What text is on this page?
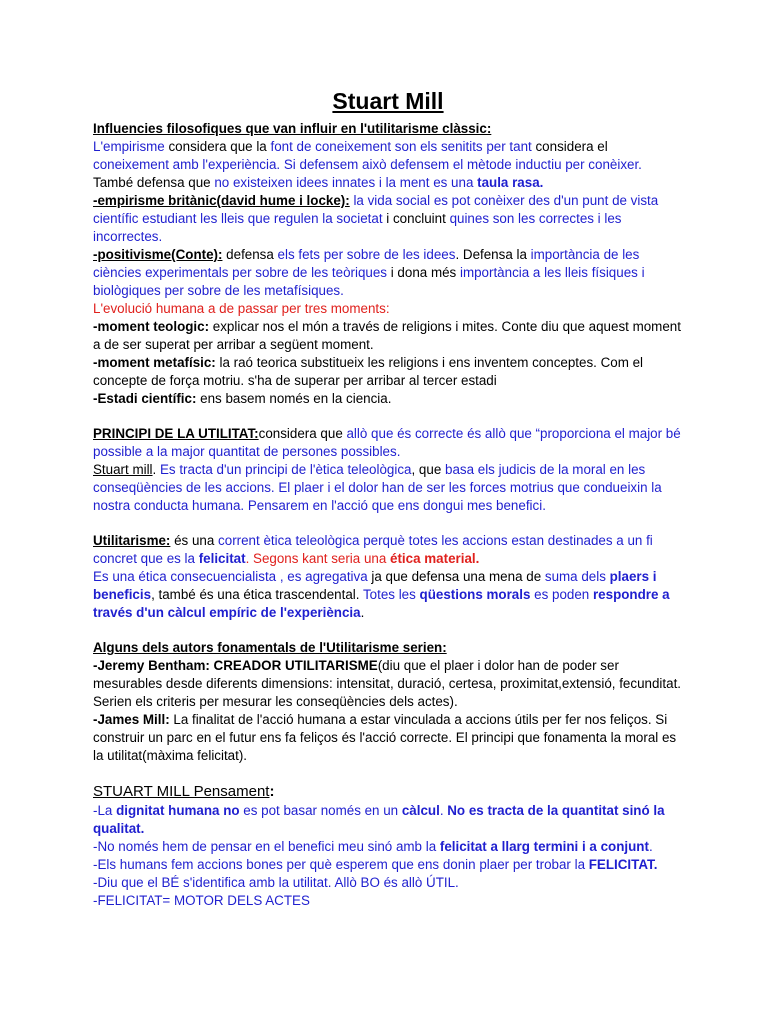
Stuart Mill

Influencies filosofiques que van influir en l'utilitarisme clàssic:
L'empirisme considera que la font de coneixement son els senitits per tant considera el coneixement amb l'experiència. Si defensem això defensem el mètode inductiu per conèixer.
També defensa que no existeixen idees innates i la ment es una taula rasa.
-empirisme britànic(david hume i locke): la vida social es pot conèixer des d'un punt de vista científic estudiant les lleis que regulen la societat i concluint quines son les correctes i les incorrectes.
-positivisme(Conte): defensa els fets per sobre de les idees. Defensa la importància de les ciències experimentals per sobre de les teòriques i dona més importància a les lleis físiques i biològiques per sobre de les metafísiques.
L'evolució humana a de passar per tres moments:
-moment teologic: explicar nos el món a través de religions i mites. Conte diu que aquest moment a de ser superat per arribar a següent moment.
-moment metafísic: la raó teorica substitueix les religions i ens inventem conceptes. Com el concepte de força motriu. s'ha de superar per arribar al tercer estadi
-Estadi científic: ens basem només en la ciencia.

PRINCIPI DE LA UTILITAT:considera que allò que és correcte és allò que “proporciona el major bé possible a la major quantitat de persones possibles.
Stuart mill. Es tracta d'un principi de l'ètica teleològica, que basa els judicis de la moral en les conseqüències de les accions. El plaer i el dolor han de ser les forces motrius que condueixin la nostra conducta humana. Pensarem en l'acció que ens dongui mes benefici.

Utilitarisme: és una corrent ètica teleològica perquè totes les accions estan destinades a un fi concret que es la felicitat. Segons kant seria una ética material.
Es una ética consecuencialista , es agregativa ja que defensa una mena de suma dels plaers i beneficis, també és una ética trascendental. Totes les qüestions morals es poden respondre a través d'un càlcul empíric de l'experiència.

Alguns dels autors fonamentals de l'Utilitarisme serien:
-Jeremy Bentham: CREADOR UTILITARISME(diu que el plaer i dolor han de poder ser mesurables desde diferents dimensions: intensitat, duració, certesa, proximitat,extensió, fecunditat. Serien els criteris per mesurar les conseqüències dels actes).
-James Mill: La finalitat de l'acció humana a estar vinculada a accions útils per fer nos feliços. Si construir un parc en el futur ens fa feliços és l'acció correcte. El principi que fonamenta la moral es la utilitat(màxima felicitat).

STUART MILL Pensament:
-La dignitat humana no es pot basar només en un càlcul. No es tracta de la quantitat sinó la qualitat.
-No només hem de pensar en el benefici meu sinó amb la felicitat a llarg termini i a conjunt.
-Els humans fem accions bones per què esperem que ens donin plaer per trobar la FELICITAT.
-Diu que el BÉ s'identifica amb la utilitat. Allò BO és allò ÚTIL.
-FELICITAT= MOTOR DELS ACTES
